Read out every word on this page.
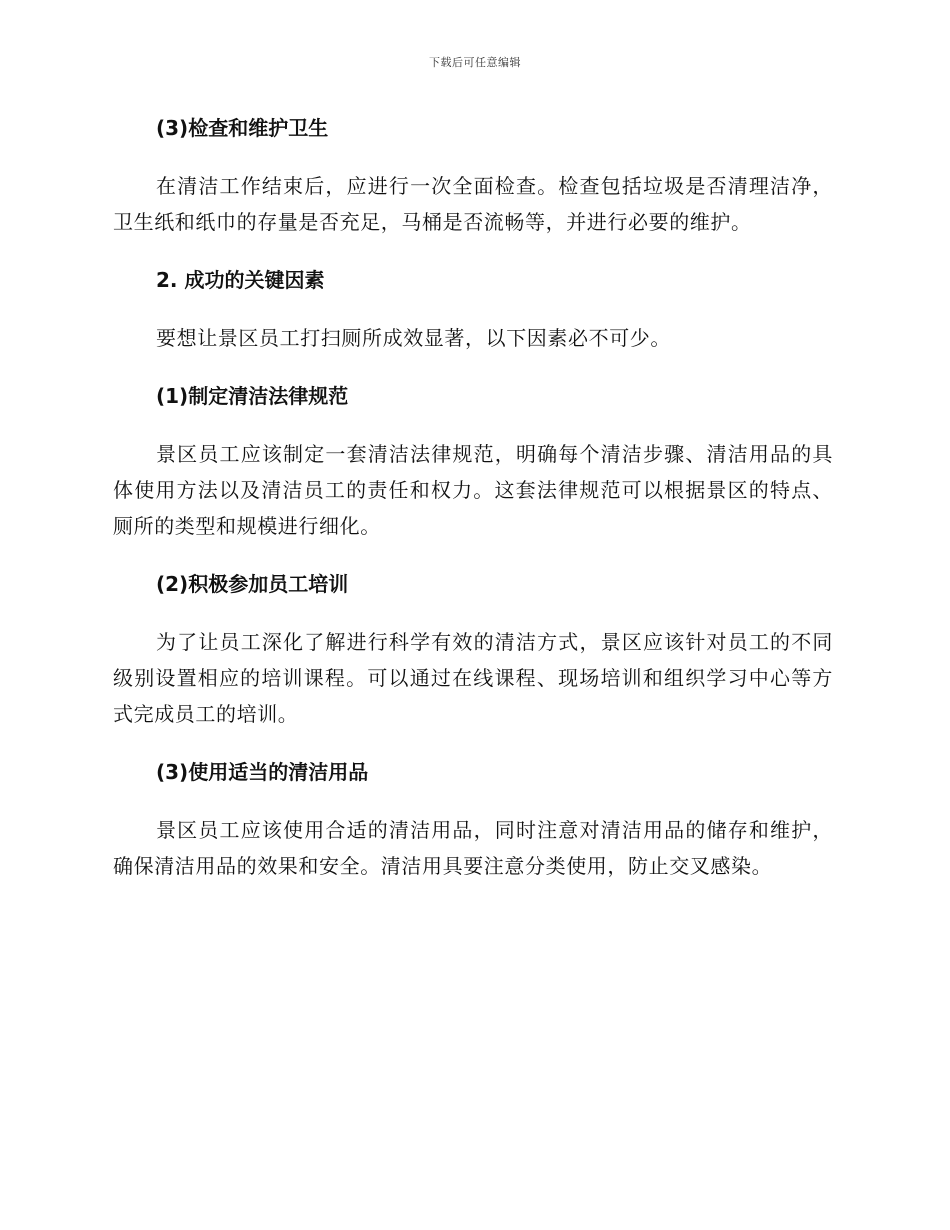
下载后可任意编辑
(3)检查和维护卫生

在清洁工作结束后，应进行一次全面检查。检查包括垃圾是否清理洁净，卫生纸和纸巾的存量是否充足，马桶是否流畅等，并进行必要的维护。

2. 成功的关键因素

要想让景区员工打扫厕所成效显著，以下因素必不可少。

(1)制定清洁法律规范

景区员工应该制定一套清洁法律规范，明确每个清洁步骤、清洁用品的具体使用方法以及清洁员工的责任和权力。这套法律规范可以根据景区的特点、厕所的类型和规模进行细化。

(2)积极参加员工培训

为了让员工深化了解进行科学有效的清洁方式，景区应该针对员工的不同级别设置相应的培训课程。可以通过在线课程、现场培训和组织学习中心等方式完成员工的培训。

(3)使用适当的清洁用品

景区员工应该使用合适的清洁用品，同时注意对清洁用品的储存和维护，确保清洁用品的效果和安全。清洁用具要注意分类使用，防止交叉感染。
